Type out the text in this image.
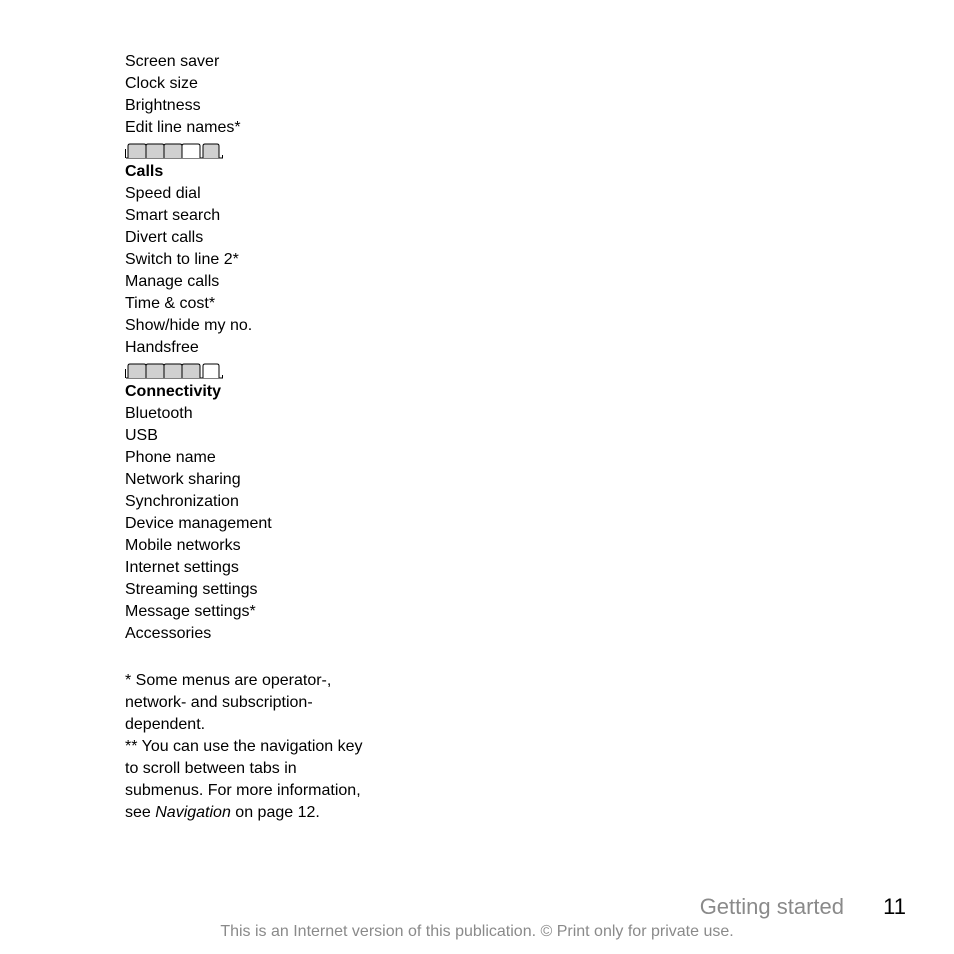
Screen saver
Clock size
Brightness
Edit line names*
Calls
Speed dial
Smart search
Divert calls
Switch to line 2*
Manage calls
Time & cost*
Show/hide my no.
Handsfree
Connectivity
Bluetooth
USB
Phone name
Network sharing
Synchronization
Device management
Mobile networks
Internet settings
Streaming settings
Message settings*
Accessories
* Some menus are operator-, network- and subscription-dependent.
** You can use the navigation key to scroll between tabs in submenus. For more information, see Navigation on page 12.
Getting started	11
This is an Internet version of this publication. © Print only for private use.
